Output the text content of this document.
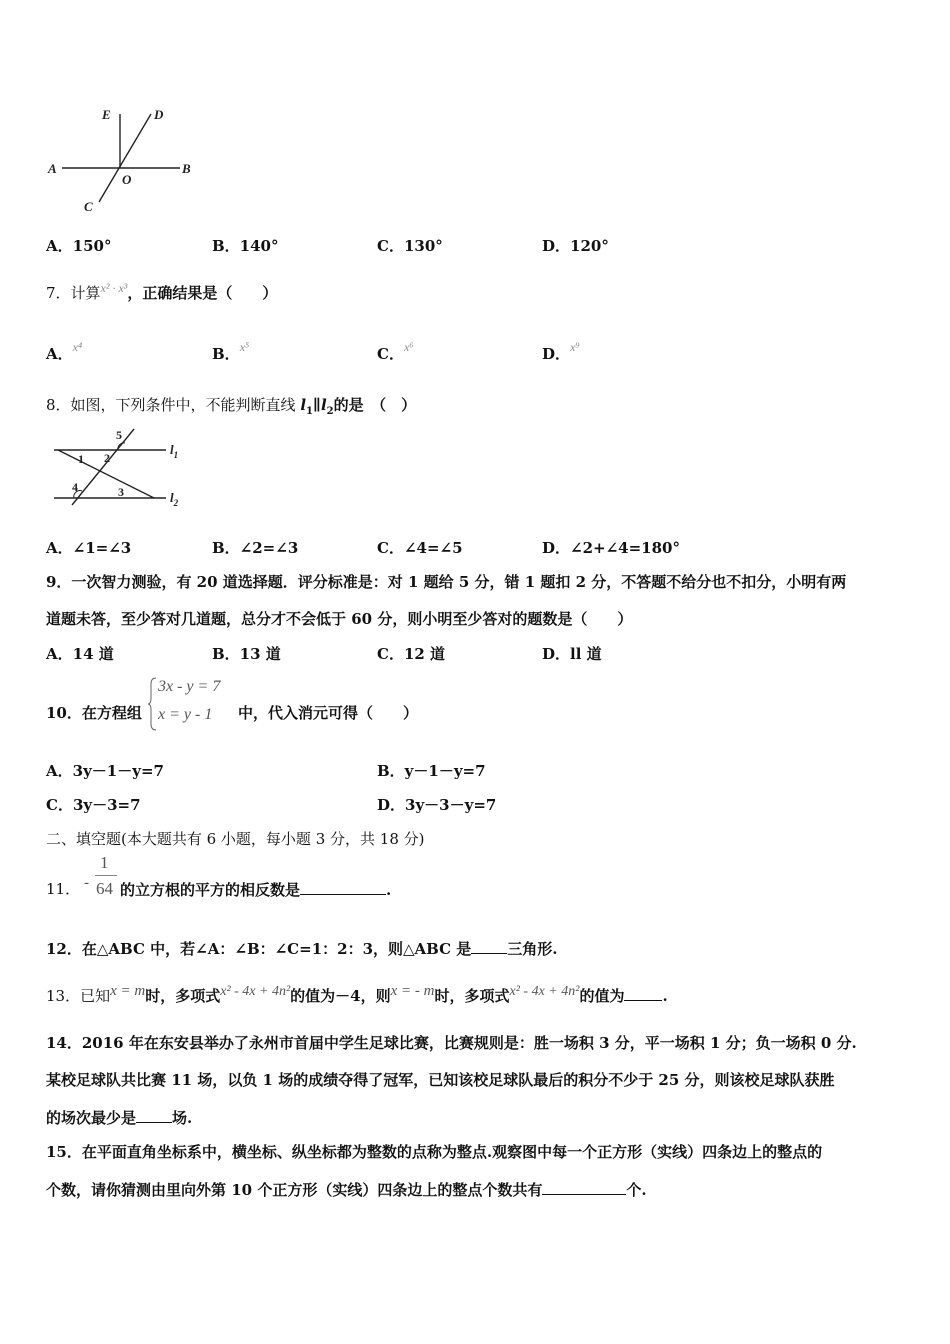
E	D
A
O
B
C
A．150°	B．140°	C．130°	D．120°
7．计算$^{x^2 \cdot x^3}$，正确结果是（　　）
A．$^{x^4}$	B．$^{x^5}$	C．$^{x^6}$	D．$^{x^9}$
8．如图，下列条件中，不能判断直线 $l_1\parallel l_2$的是　（　）
5
1 2
4	3
$l_1$
$l_2$
A．∠1=∠3	B．∠2=∠3	C．∠4=∠5	D．∠2+∠4=180°
9．一次智力测验，有 20 道选择题．评分标准是：对 1 题给 5 分，错 1 题扣 2 分，不答题不给分也不扣分，小明有两
道题未答，至少答对几道题，总分才不会低于 60 分，则小明至少答对的题数是（　　）
A．14 道	B．13 道	C．12 道	D．ll 道
10．在方程组
3x - y = 7
x = y - 1 中，代入消元可得（　　）
A．3y－1－y=7	B．y－1－y=7
C．3y－3=7	D．3y－3－y=7
二、填空题(本大题共有 6 小题，每小题 3 分，共 18 分)
11． -
1
64 的立方根的平方的相反数是	.
12．在△ABC 中，若∠A：∠B：∠C=1：2：3，则△ABC 是 三角形.
13．已知x = m时，多项式x² - 4x + 4n²的值为－4，则x = - m时，多项式x² - 4x + 4n²的值为	.
14．2016 年在东安县举办了永州市首届中学生足球比赛，比赛规则是：胜一场积 3 分，平一场积 1 分；负一场积 0 分.
某校足球队共比赛 11 场，以负 1 场的成绩夺得了冠军，已知该校足球队最后的积分不少于 25 分，则该校足球队获胜
的场次最少是 场.
15．在平面直角坐标系中，横坐标、纵坐标都为整数的点称为整点.观察图中每一个正方形（实线）四条边上的整点的
个数，请你猜测由里向外第 10 个正方形（实线）四条边上的整点个数共有	个.
